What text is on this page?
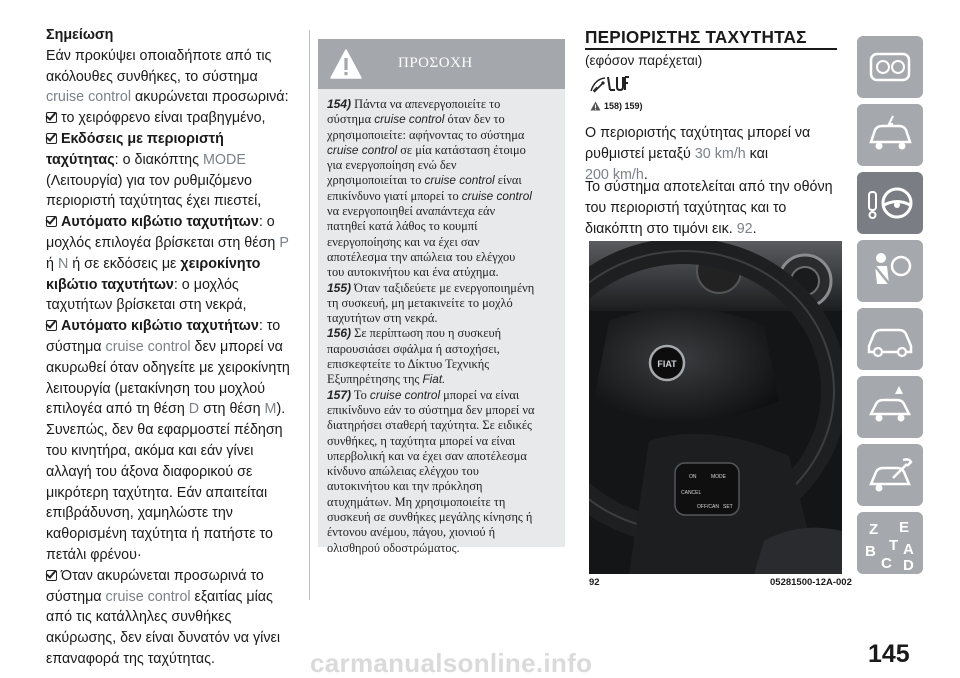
Σημείωση
Εάν προκύψει οποιαδήποτε από τις
ακόλουθες συνθήκες, το σύστημα
cruise control ακυρώνεται προσωρινά:
το χειρόφρενο είναι τραβηγμένο,
Εκδόσεις με περιοριστή
ταχύτητας: ο διακόπτης MODE
(Λειτουργία) για τον ρυθμιζόμενο
περιοριστή ταχύτητας έχει πιεστεί,
Αυτόματο κιβώτιο ταχυτήτων: ο
μοχλός επιλογέα βρίσκεται στη θέση P
ή N ή σε εκδόσεις με χειροκίνητο
κιβώτιο ταχυτήτων: ο μοχλός
ταχυτήτων βρίσκεται στη νεκρά,
Αυτόματο κιβώτιο ταχυτήτων: το
σύστημα cruise control δεν μπορεί να
ακυρωθεί όταν οδηγείτε με χειροκίνητη
λειτουργία (μετακίνηση του μοχλού
επιλογέα από τη θέση D στη θέση M).
Συνεπώς, δεν θα εφαρμοστεί πέδηση
του κινητήρα, ακόμα και εάν γίνει
αλλαγή του άξονα διαφορικού σε
μικρότερη ταχύτητα. Εάν απαιτείται
επιβράδυνση, χαμηλώστε την
καθορισμένη ταχύτητα ή πατήστε το
πετάλι φρένου·
Όταν ακυρώνεται προσωρινά το
σύστημα cruise control εξαιτίας μίας
από τις κατάλληλες συνθήκες
ακύρωσης, δεν είναι δυνατόν να γίνει
επαναφορά της ταχύτητας.
ΠΡΟΣΟΧΗ
154) Πάντα να απενεργοποιείτε το
σύστημα cruise control όταν δεν το
χρησιμοποιείτε: αφήνοντας το σύστημα
cruise control σε μία κατάσταση έτοιμο
για ενεργοποίηση ενώ δεν
χρησιμοποιείται το cruise control είναι
επικίνδυνο γιατί μπορεί το cruise control
να ενεργοποιηθεί αναπάντεχα εάν
πατηθεί κατά λάθος το κουμπί
ενεργοποίησης και να έχει σαν
αποτέλεσμα την απώλεια του ελέγχου
του αυτοκινήτου και ένα ατύχημα.
155) Όταν ταξιδεύετε με ενεργοποιημένη
τη συσκευή, μη μετακινείτε το μοχλό
ταχυτήτων στη νεκρά.
156) Σε περίπτωση που η συσκευή
παρουσιάσει σφάλμα ή αστοχήσει,
επισκεφτείτε το Δίκτυο Τεχνικής
Εξυπηρέτησης της Fiat.
157) Το cruise control μπορεί να είναι
επικίνδυνο εάν το σύστημα δεν μπορεί να
διατηρήσει σταθερή ταχύτητα. Σε ειδικές
συνθήκες, η ταχύτητα μπορεί να είναι
υπερβολική και να έχει σαν αποτέλεσμα
κίνδυνο απώλειας ελέγχου του
αυτοκινήτου και την πρόκληση
ατυχημάτων. Μη χρησιμοποιείτε τη
συσκευή σε συνθήκες μεγάλης κίνησης ή
έντονου ανέμου, πάγου, χιονιού ή
ολισθηρού οδοστρώματος.
ΠΕΡΙΟΡΙΣΤΗΣ ΤΑΧΥΤΗΤΑΣ
(εφόσον παρέχεται)
158) 159)
Ο περιοριστής ταχύτητας μπορεί να
ρυθμιστεί μεταξύ 30 km/h και
200 km/h.
Το σύστημα αποτελείται από την οθόνη
του περιοριστή ταχύτητας και το
διακόπτη στο τιμόνι εικ. 92.
FIAT
ON	MODE
CANCEL
OFF/CAN SET
92	05281500-12A-002
Z E
B A
C
T
D
145
carmanualsonline.info
